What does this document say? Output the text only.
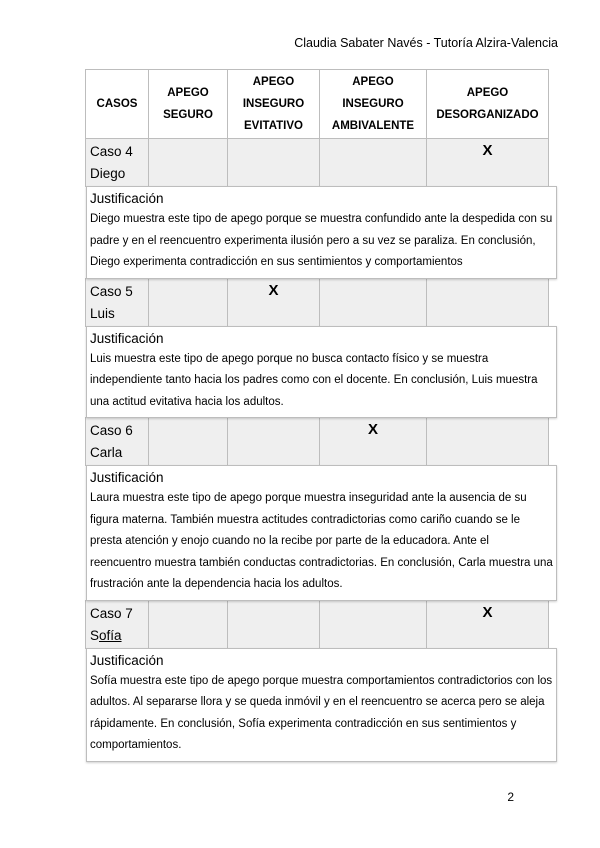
Claudia Sabater Navés - Tutoría Alzira-Valencia
CASOS
APEGO
SEGURO
APEGO
INSEGURO
EVITATIVO
APEGO
INSEGURO
AMBIVALENTE
APEGO
DESORGANIZADO
Caso 4
Diego
X
Justificación
Diego muestra este tipo de apego porque se muestra confundido ante la despedida con su padre y en el reencuentro experimenta ilusión pero a su vez se paraliza. En conclusión, Diego experimenta contradicción en sus sentimientos y comportamientos
Caso 5
Luis
X
Justificación
Luis muestra este tipo de apego porque no busca contacto físico y se muestra independiente tanto hacia los padres como con el docente. En conclusión, Luis muestra una actitud evitativa hacia los adultos.
Caso 6
Carla
X
Justificación
Laura muestra este tipo de apego porque muestra inseguridad ante la ausencia de su figura materna. También muestra actitudes contradictorias como cariño cuando se le presta atención y enojo cuando no la recibe por parte de la educadora. Ante el reencuentro muestra también conductas contradictorias. En conclusión, Carla muestra una frustración ante la dependencia hacia los adultos.
Caso 7
Sofía
X
Justificación
Sofía muestra este tipo de apego porque muestra comportamientos contradictorios con los adultos. Al separarse llora y se queda inmóvil y en el reencuentro se acerca pero se aleja rápidamente. En conclusión, Sofía experimenta contradicción en sus sentimientos y comportamientos.
2
